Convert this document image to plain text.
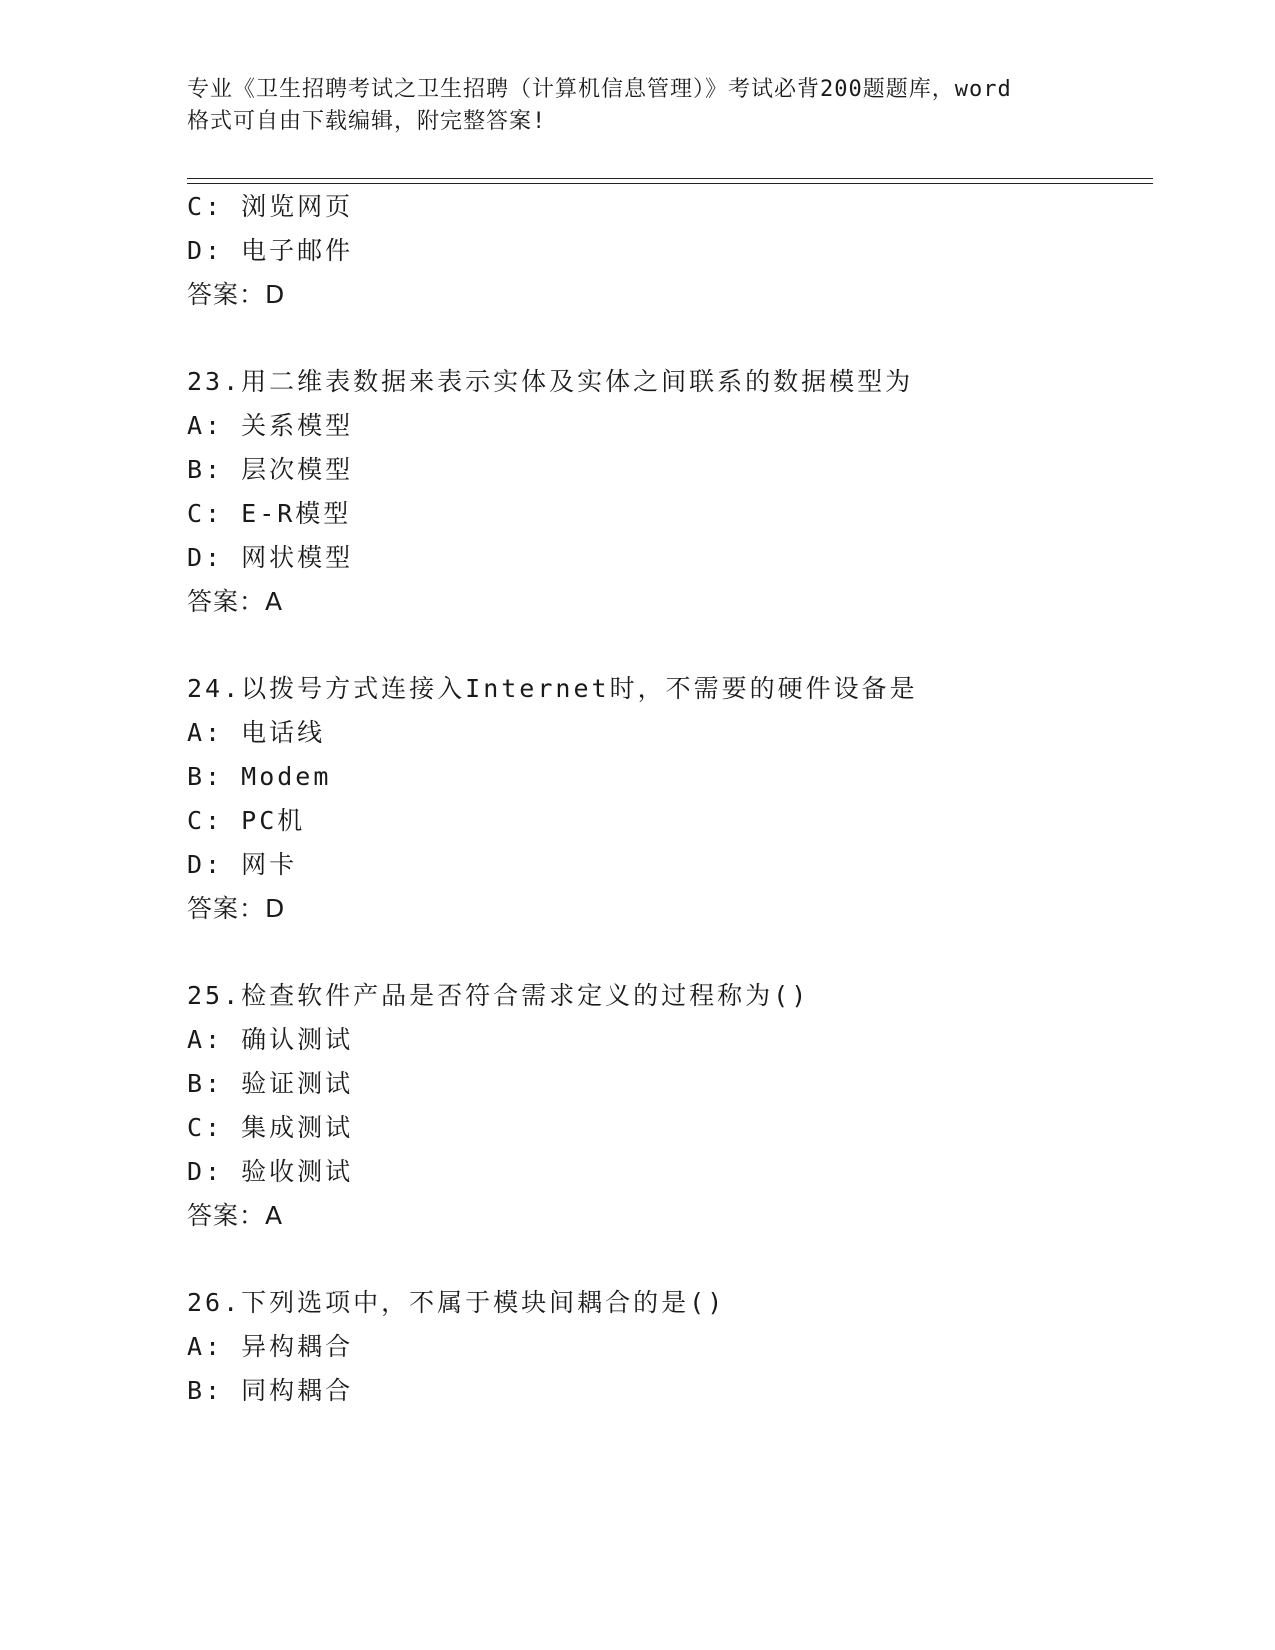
专业《卫生招聘考试之卫生招聘（计算机信息管理）》考试必背200题题库，word

格式可自由下载编辑，附完整答案!

C: 浏览网页
D: 电子邮件
答案：D
23.用二维表数据来表示实体及实体之间联系的数据模型为
A: 关系模型
B: 层次模型
C: E-R模型
D: 网状模型
答案：A
24.以拨号方式连接入Internet时，不需要的硬件设备是
A: 电话线
B: Modem
C: PC机
D: 网卡
答案：D
25.检查软件产品是否符合需求定义的过程称为()
A: 确认测试
B: 验证测试
C: 集成测试
D: 验收测试
答案：A
26.下列选项中，不属于模块间耦合的是()
A: 异构耦合
B: 同构耦合
